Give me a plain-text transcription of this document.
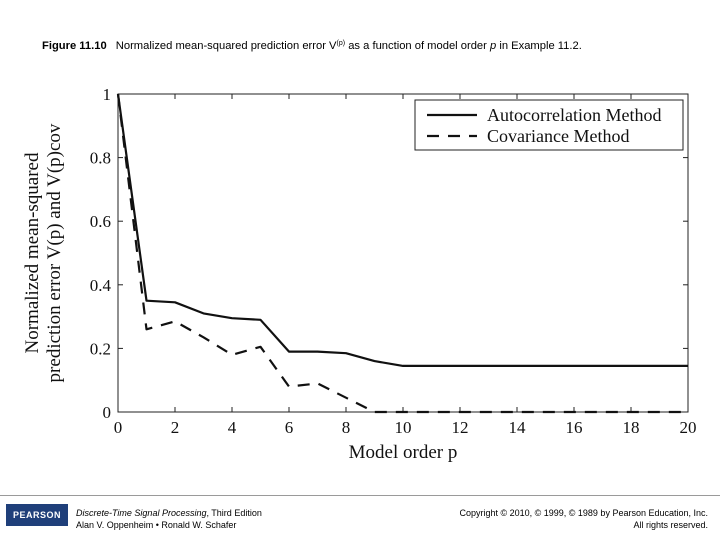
Figure 11.10 Normalized mean-squared prediction error $V^{(p)}$ as a function of model order p in Example 11.2.
0	2	4	6	8	10 12 14 16 18 20
0
0.2
0.4
0.6
0.8
1
Model order p
Normalized mean-squared prediction error V(p) and V(p)cov
Autocorrelation Method
Covariance Method
PEARSON Discrete-Time Signal Processing, Third Edition
Alan V. Oppenheim • Ronald W. Schafer
Copyright © 2010, © 1999, © 1989 by Pearson Education, Inc.
All rights reserved.
